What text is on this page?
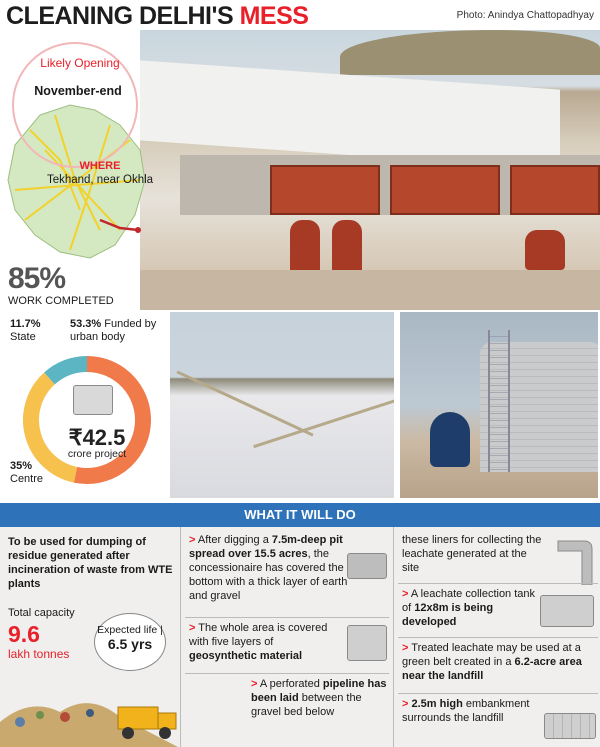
CLEANING DELHI'S MESS	Photo: Anindya Chattopadhyay
Likely Opening
November-end
WHERE
Tekhand, near Okhla
85%
WORK COMPLETED
11.7%
State
53.3% Funded by urban body
₹42.5
crore project
35%
Centre
WHAT IT WILL DO
To be used for dumping of residue generated after incineration of waste from WTE plants
Total capacity
9.6
lakh tonnes
Expected life |
6.5 yrs
> After digging a 7.5m-deep pit spread over 15.5 acres, the concessionaire has covered the bottom with a thick layer of earth and gravel
> The whole area is covered with five layers of geosynthetic material
> A perforated pipeline has been laid between the gravel bed below
these liners for collecting the leachate generated at the site
> A leachate collection tank of 12x8m is being developed
> Treated leachate may be used at a green belt created in a 6.2-acre area near the landfill
> 2.5m high embankment surrounds the landfill
